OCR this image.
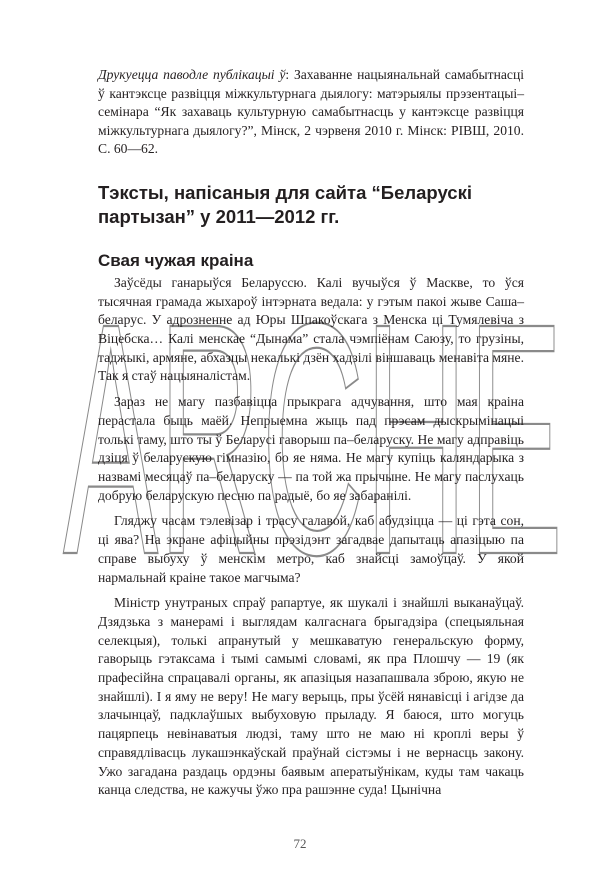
ARCHE

Друкуецца паводле публікацыі ў: Захаванне нацыянальнай самабытнасці ў кантэксце развіцця міжкультурнага дыялогу: матэрыялы прэзентацыі–семінара “Як захаваць культурную самабытнасць у кантэксце развіцця міжкультурнага дыялогу?”, Мінск, 2 чэрвеня 2010 г. Мінск: РІВШ, 2010. С. 60—62.

Тэксты, напісаныя для сайта “Беларускі партызан” у 2011—2012 гг.
Свая чужая краіна

Заўсёды ганарыўся Беларуссю. Калі вучыўся ў Маскве, то ўся тысячная грамада жыхароў інтэрната ведала: у гэтым пакоі жыве Саша–беларус. У адрозненне ад Юры Шпакоўскага з Менска ці Тумялевіча з Віцебска… Калі менскае “Дынама” стала чэмпіёнам Саюзу, то грузіны, таджыкі, армяне, абхазцы некалькі дзён хадзілі віншаваць менавіта мяне. Так я стаў нацыяналістам.

Зараз не магу пазбавіцца прыкрага адчування, што мая краіна перастала быць маёй. Непрыемна жыць пад прэсам дыскрымінацыі толькі таму, што ты ў Беларусі гаворыш па–беларуску. Не магу адправіць дзіця ў беларускую гімназію, бо яе няма. Не магу купіць каляндарыка з назвамі месяцаў па–беларуску — па той жа прычыне. Не магу паслухаць добрую беларускую песню па радыё, бо яе забаранілі.

Гляджу часам тэлевізар і трасу галавой, каб абудзіцца — ці гэта сон, ці ява? На экране афіцыйны прэзідэнт загадвае дапытаць апазіцыю па справе выбуху ў менскім метро, каб знайсці замоўцаў. У якой нармальнай краіне такое магчыма?

Міністр унутраных спраў рапартуе, як шукалі і знайшлі выканаўцаў. Дзядзька з манерамі і выглядам калгаснага брыгадзіра (спецыяльная селекцыя), толькі апранутый у мешкаватую генеральскую форму, гаворыць гэтаксама і тымі самымі словамі, як пра Плошчу — 19 (як прафесійна спрацавалі органы, як апазіцыя назапашвала зброю, якую не знайшлі). І я яму не веру! Не магу верыць, пры ўсёй нянавісці і агідзе да злачынцаў, падклаўшых выбуховую прыладу. Я баюся, што могуць пацярпець невінаватыя людзі, таму што не маю ні кроплі веры ў справядлівасць лукашэнкаўскай праўнай сістэмы і не вернасць закону. Ужо загадана раздаць ордэны баявым аператыўнікам, куды там чакаць канца следства, не кажучы ўжо пра рашэнне суда! Цынічна

72
